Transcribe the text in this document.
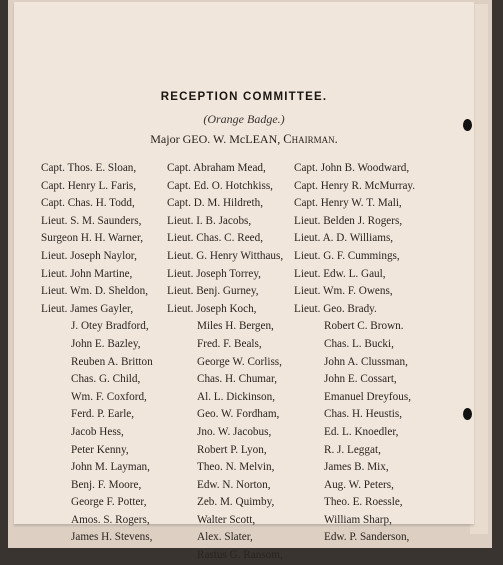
RECEPTION COMMITTEE.
(Orange Badge.)
Major GEO. W. McLEAN, Chairman.
Capt. Thos. E. Sloan,
Capt. Henry L. Faris,
Capt. Chas. H. Todd,
Lieut. S. M. Saunders,
Surgeon H. H. Warner,
Lieut. Joseph Naylor,
Lieut. John Martine,
Lieut. Wm. D. Sheldon,
Lieut. James Gayler,
J. Otey Bradford,
John E. Bazley,
Reuben A. Britton
Chas. G. Child,
Wm. F. Coxford,
Ferd. P. Earle,
Jacob Hess,
Peter Kenny,
John M. Layman,
Benj. F. Moore,
George F. Potter,
Amos. S. Rogers,
James H. Stevens,
Capt. Abraham Mead,
Capt. Ed. O. Hotchkiss,
Capt. D. M. Hildreth,
Lieut. I. B. Jacobs,
Lieut. Chas. C. Reed,
Lieut. G. Henry Witthaus,
Lieut. Joseph Torrey,
Lieut. Benj. Gurney,
Lieut. Joseph Koch,
Miles H. Bergen,
Fred. F. Beals,
George W. Corliss,
Chas. H. Chumar,
Al. L. Dickinson,
Geo. W. Fordham,
Jno. W. Jacobus,
Robert P. Lyon,
Theo. N. Melvin,
Edw. N. Norton,
Zeb. M. Quimby,
Walter Scott,
Alex. Slater,
Rastus G. Ransom,
Capt. John B. Woodward,
Capt. Henry R. McMurray.
Capt. Henry W. T. Mali,
Lieut. Belden J. Rogers,
Lieut. A. D. Williams,
Lieut. G. F. Cummings,
Lieut. Edw. L. Gaul,
Lieut. Wm. F. Owens,
Lieut. Geo. Brady.
Robert C. Brown.
Chas. L. Bucki,
John A. Clussman,
John E. Cossart,
Emanuel Dreyfous,
Chas. H. Heustis,
Ed. L. Knoedler,
R. J. Leggat,
James B. Mix,
Aug. W. Peters,
Theo. E. Roessle,
William Sharp,
Edw. P. Sanderson,
